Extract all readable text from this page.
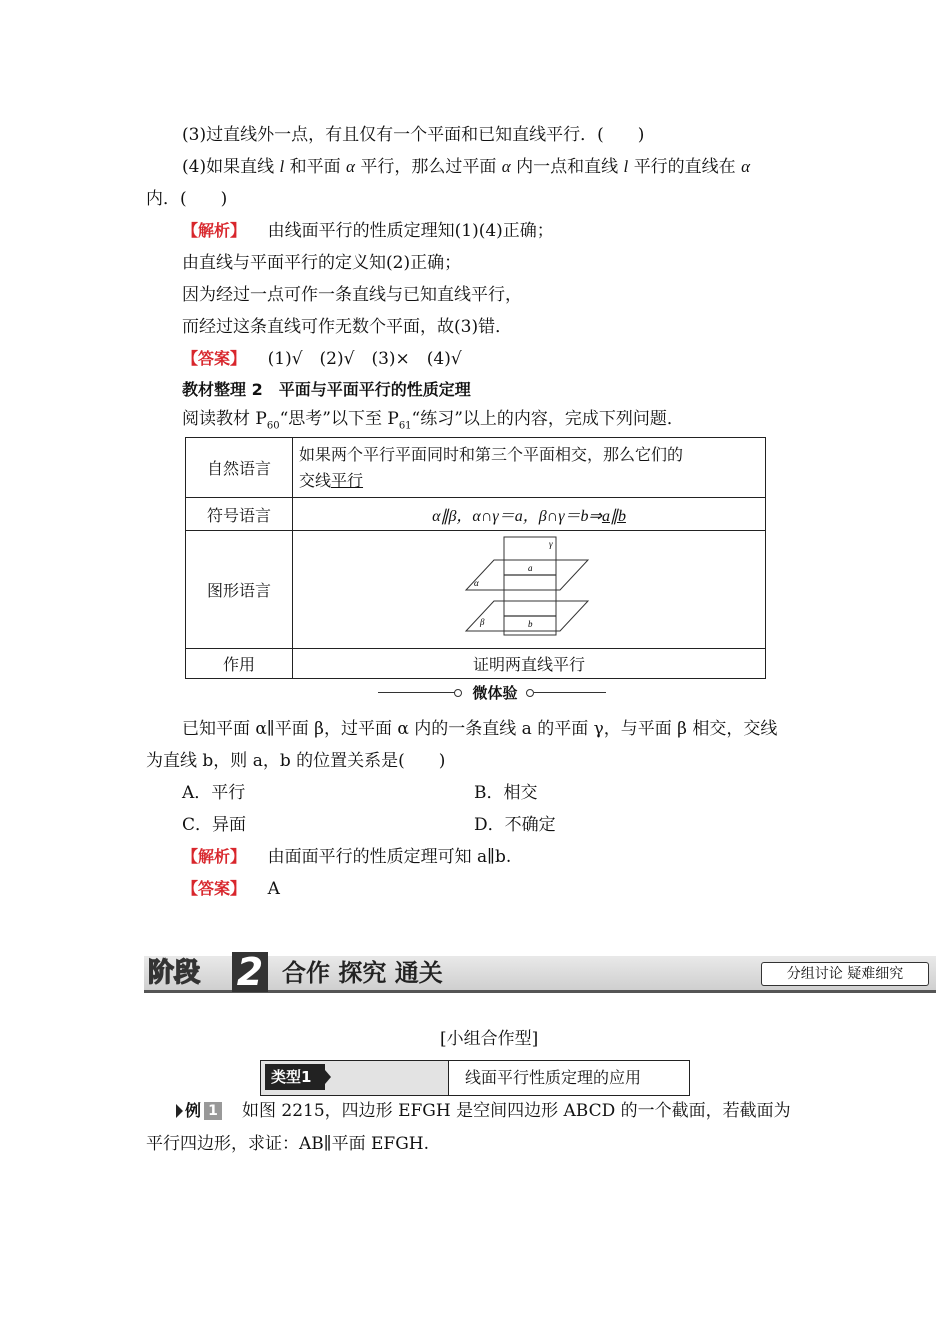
(3)过直线外一点，有且仅有一个平面和已知直线平行．(　　)
(4)如果直线 l 和平面 α 平行，那么过平面 α 内一点和直线 l 平行的直线在 α
内．(　　)
【解析】 由线面平行的性质定理知(1)(4)正确；
由直线与平面平行的定义知(2)正确；
因为经过一点可作一条直线与已知直线平行，
而经过这条直线可作无数个平面，故(3)错．
【答案】 (1)√　(2)√　(3)×　(4)√
教材整理 2　平面与平面平行的性质定理
阅读教材 $P_{60}“$思考”以下至 $P_{61}“$练习”以上的内容，完成下列问题．
自然语言	如果两个平行平面同时和第三个平面相交，那么它们的
交线平行
符号语言	α∥β，α∩γ＝a，β∩γ＝b⇒a∥b
图形语言	γ
a
α
β b

作用	证明两直线平行
微体验
已知平面 α∥平面 β，过平面 α 内的一条直线 a 的平面 γ，与平面 β 相交，交线
为直线 b，则 a，b 的位置关系是(　　)
A．平行	B．相交
C．异面	D．不确定
【解析】 由面面平行的性质定理可知 a∥b.
【答案】 A
阶段 2 合作 探究 通关	分组讨论 疑难细究
[小组合作型]
类型1	线面平行性质定理的应用
例 1 如图 2215，四边形 EFGH 是空间四边形 ABCD 的一个截面，若截面为
平行四边形，求证：AB∥平面 EFGH.
